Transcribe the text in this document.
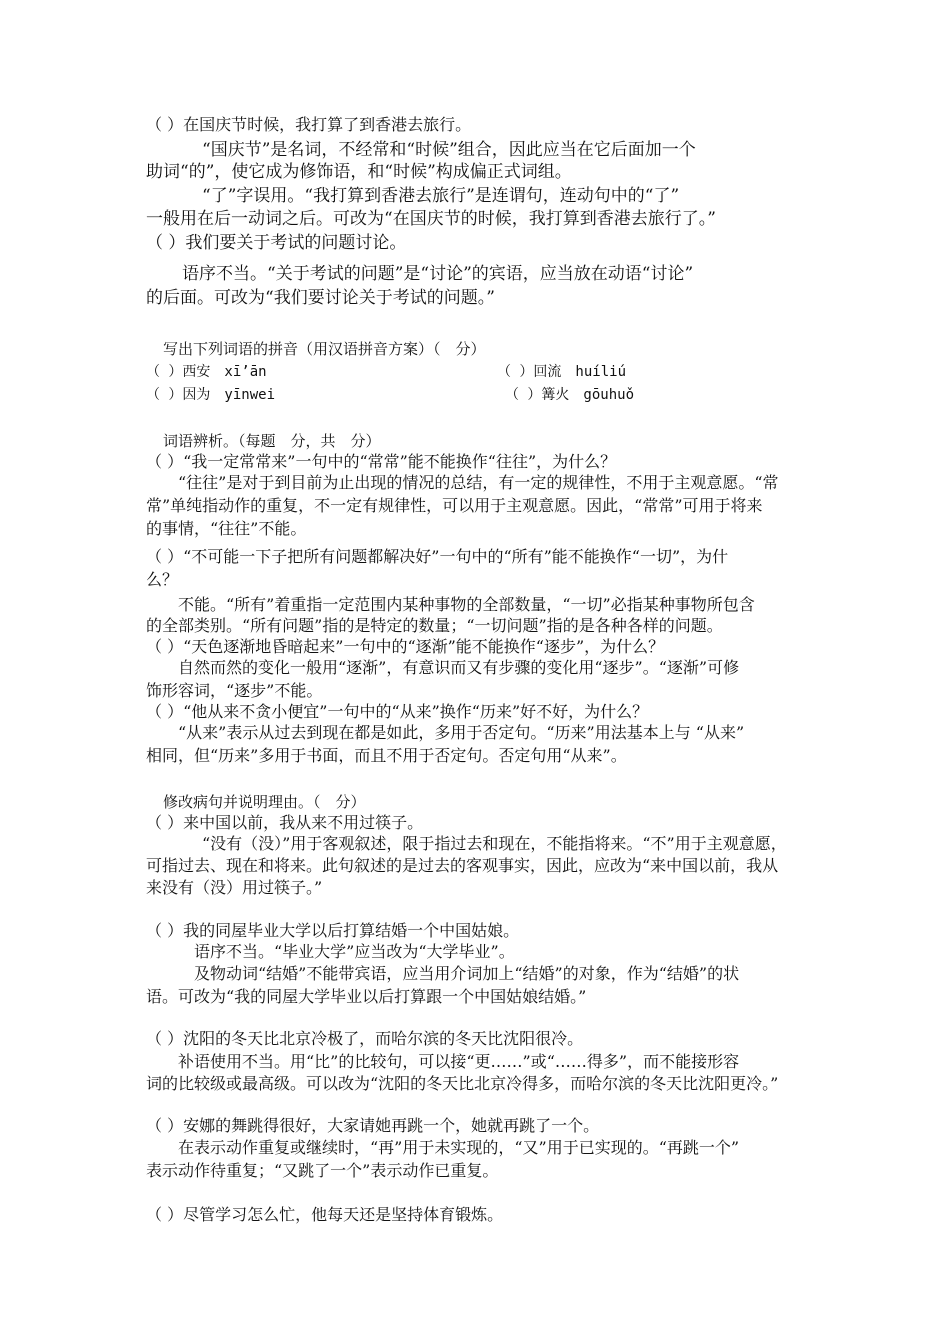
（ ）在国庆节时候，我打算了到香港去旅行。
“国庆节”是名词，不经常和“时候”组合，因此应当在它后面加一个
助词“的”，使它成为修饰语，和“时候”构成偏正式词组。
“了”字误用。“我打算到香港去旅行”是连谓句，连动句中的“了”
一般用在后一动词之后。可改为“在国庆节的时候，我打算到香港去旅行了。”
（ ）我们要关于考试的问题讨论。
语序不当。“关于考试的问题”是“讨论”的宾语，应当放在动语“讨论”
的后面。可改为“我们要讨论关于考试的问题。”
写出下列词语的拼音（用汉语拼音方案）（　分）
（ ）西安　xī’ān	（ ）回流　huíliú
（ ）因为　yīnwei	（ ）篝火　gōuhuǒ
词语辨析。（每题　分，共　分）
（ ）“我一定常常来”一句中的“常常”能不能换作“往往”，为什么？
“往往”是对于到目前为止出现的情况的总结，有一定的规律性，不用于主观意愿。“常
常”单纯指动作的重复，不一定有规律性，可以用于主观意愿。因此，“常常”可用于将来
的事情，“往往”不能。
（ ）“不可能一下子把所有问题都解决好”一句中的“所有”能不能换作“一切”，为什
么？
不能。“所有”着重指一定范围内某种事物的全部数量，“一切”必指某种事物所包含
的全部类别。“所有问题”指的是特定的数量；“一切问题”指的是各种各样的问题。
（ ）“天色逐渐地昏暗起来”一句中的“逐渐”能不能换作“逐步”，为什么？
自然而然的变化一般用“逐渐”，有意识而又有步骤的变化用“逐步”。“逐渐”可修
饰形容词，“逐步”不能。
（ ）“他从来不贪小便宜”一句中的“从来”换作“历来”好不好，为什么？
“从来”表示从过去到现在都是如此，多用于否定句。“历来”用法基本上与 “从来”
相同，但“历来”多用于书面，而且不用于否定句。否定句用“从来”。
修改病句并说明理由。（　分）
（ ）来中国以前，我从来不用过筷子。
“没有（没）”用于客观叙述，限于指过去和现在，不能指将来。“不”用于主观意愿，
可指过去、现在和将来。此句叙述的是过去的客观事实，因此，应改为“来中国以前，我从
来没有（没）用过筷子。”
（ ）我的同屋毕业大学以后打算结婚一个中国姑娘。
语序不当。“毕业大学”应当改为“大学毕业”。
及物动词“结婚”不能带宾语，应当用介词加上“结婚”的对象，作为“结婚”的状
语。可改为“我的同屋大学毕业以后打算跟一个中国姑娘结婚。”
（ ）沈阳的冬天比北京冷极了，而哈尔滨的冬天比沈阳很冷。
补语使用不当。用“比”的比较句，可以接“更……”或“……得多”，而不能接形容
词的比较级或最高级。可以改为“沈阳的冬天比北京冷得多，而哈尔滨的冬天比沈阳更冷。”
（ ）安娜的舞跳得很好，大家请她再跳一个，她就再跳了一个。
在表示动作重复或继续时，“再”用于未实现的，“又”用于已实现的。“再跳一个”
表示动作待重复；“又跳了一个”表示动作已重复。
（ ）尽管学习怎么忙，他每天还是坚持体育锻炼。
